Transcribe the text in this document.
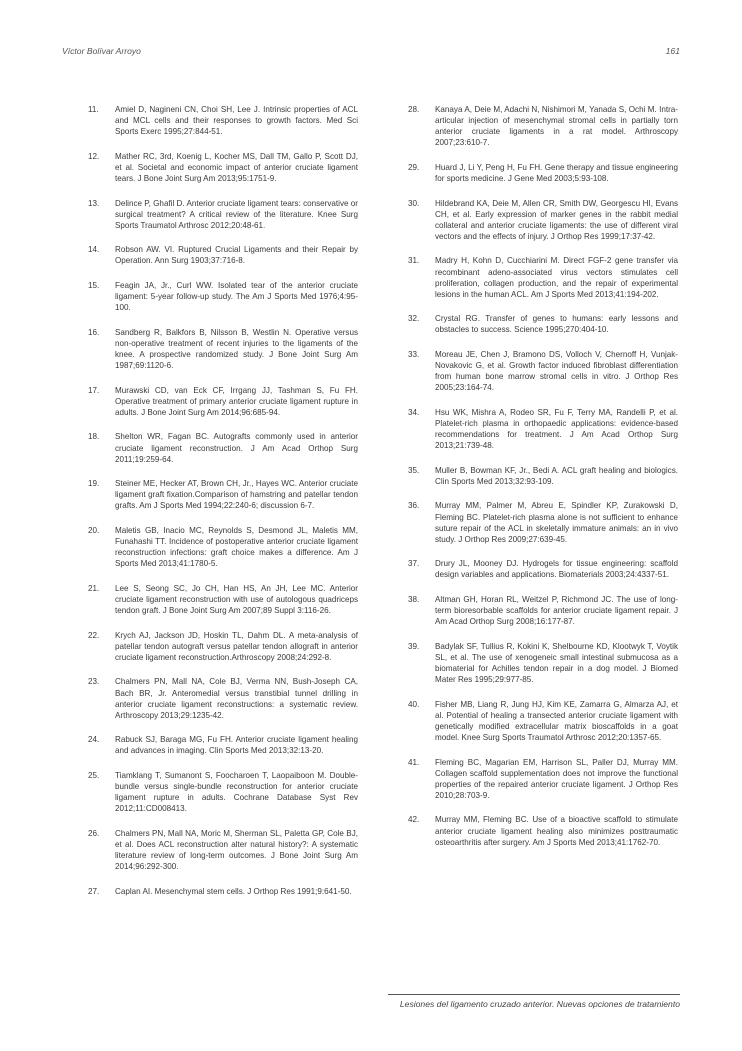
Víctor Bolívar Arroyo	161
11.	Amiel D, Nagineni CN, Choi SH, Lee J. Intrinsic properties of ACL and MCL cells and their responses to growth factors. Med Sci Sports Exerc 1995;27:844-51.
12.	Mather RC, 3rd, Koenig L, Kocher MS, Dall TM, Gallo P, Scott DJ, et al. Societal and economic impact of anterior cruciate ligament tears. J Bone Joint Surg Am 2013;95:1751-9.
13.	Delince P, Ghafil D. Anterior cruciate ligament tears: conservative or surgical treatment? A critical review of the literature. Knee Surg Sports Traumatol Arthrosc 2012;20:48-61.
14.	Robson AW. VI. Ruptured Crucial Ligaments and their Repair by Operation. Ann Surg 1903;37:716-8.
15.	Feagin JA, Jr., Curl WW. Isolated tear of the anterior cruciate ligament: 5-year follow-up study. The Am J Sports Med 1976;4:95-100.
16.	Sandberg R, Balkfors B, Nilsson B, Westlin N. Operative versus non-operative treatment of recent injuries to the ligaments of the knee. A prospective randomized study. J Bone Joint Surg Am 1987;69:1120-6.
17.	Murawski CD, van Eck CF, Irrgang JJ, Tashman S, Fu FH. Operative treatment of primary anterior cruciate ligament rupture in adults. J Bone Joint Surg Am 2014;96:685-94.
18.	Shelton WR, Fagan BC. Autografts commonly used in anterior cruciate ligament reconstruction. J Am Acad Orthop Surg 2011;19:259-64.
19.	Steiner ME, Hecker AT, Brown CH, Jr., Hayes WC. Anterior cruciate ligament graft fixation.Comparison of hamstring and patellar tendon grafts. Am J Sports Med 1994;22:240-6; discussion 6-7.
20.	Maletis GB, Inacio MC, Reynolds S, Desmond JL, Maletis MM, Funahashi TT. Incidence of postoperative anterior cruciate ligament reconstruction infections: graft choice makes a difference. Am J Sports Med 2013;41:1780-5.
21.	Lee S, Seong SC, Jo CH, Han HS, An JH, Lee MC. Anterior cruciate ligament reconstruction with use of autologous quadriceps tendon graft. J Bone Joint Surg Am 2007;89 Suppl 3:116-26.
22.	Krych AJ, Jackson JD, Hoskin TL, Dahm DL. A meta-analysis of patellar tendon autograft versus patellar tendon allograft in anterior cruciate ligament reconstruction.Arthroscopy 2008;24:292-8.
23.	Chalmers PN, Mall NA, Cole BJ, Verma NN, Bush-Joseph CA, Bach BR, Jr. Anteromedial versus transtibial tunnel drilling in anterior cruciate ligament reconstructions: a systematic review. Arthroscopy 2013;29:1235-42.
24.	Rabuck SJ, Baraga MG, Fu FH. Anterior cruciate ligament healing and advances in imaging. Clin Sports Med 2013;32:13-20.
25.	Tiamklang T, Sumanont S, Foocharoen T, Laopaiboon M. Double-bundle versus single-bundle reconstruction for anterior cruciate ligament rupture in adults. Cochrane Database Syst Rev 2012;11:CD008413.
26.	Chalmers PN, Mall NA, Moric M, Sherman SL, Paletta GP, Cole BJ, et al. Does ACL reconstruction alter natural history?: A systematic literature review of long-term outcomes. J Bone Joint Surg Am 2014;96:292-300.
27.	Caplan AI. Mesenchymal stem cells. J Orthop Res 1991;9:641-50.
28.	Kanaya A, Deie M, Adachi N, Nishimori M, Yanada S, Ochi M. Intra-articular injection of mesenchymal stromal cells in partially torn anterior cruciate ligaments in a rat model. Arthroscopy 2007;23:610-7.
29.	Huard J, Li Y, Peng H, Fu FH. Gene therapy and tissue engineering for sports medicine. J Gene Med 2003;5:93-108.
30.	Hildebrand KA, Deie M, Allen CR, Smith DW, Georgescu HI, Evans CH, et al. Early expression of marker genes in the rabbit medial collateral and anterior cruciate ligaments: the use of different viral vectors and the effects of injury. J Orthop Res 1999;17:37-42.
31.	Madry H, Kohn D, Cucchiarini M. Direct FGF-2 gene transfer via recombinant adeno-associated virus vectors stimulates cell proliferation, collagen production, and the repair of experimental lesions in the human ACL. Am J Sports Med 2013;41:194-202.
32.	Crystal RG. Transfer of genes to humans: early lessons and obstacles to success. Science 1995;270:404-10.
33.	Moreau JE, Chen J, Bramono DS, Volloch V, Chernoff H, Vunjak-Novakovic G, et al. Growth factor induced fibroblast differentiation from human bone marrow stromal cells in vitro. J Orthop Res 2005;23:164-74.
34.	Hsu WK, Mishra A, Rodeo SR, Fu F, Terry MA, Randelli P, et al. Platelet-rich plasma in orthopaedic applications: evidence-based recommendations for treatment. J Am Acad Orthop Surg 2013;21:739-48.
35.	Muller B, Bowman KF, Jr., Bedi A. ACL graft healing and biologics. Clin Sports Med 2013;32:93-109.
36.	Murray MM, Palmer M, Abreu E, Spindler KP, Zurakowski D, Fleming BC. Platelet-rich plasma alone is not sufficient to enhance suture repair of the ACL in skeletally immature animals: an in vivo study. J Orthop Res 2009;27:639-45.
37.	Drury JL, Mooney DJ. Hydrogels for tissue engineering: scaffold design variables and applications. Biomaterials 2003;24:4337-51.
38.	Altman GH, Horan RL, Weitzel P, Richmond JC. The use of long-term bioresorbable scaffolds for anterior cruciate ligament repair. J Am Acad Orthop Surg 2008;16:177-87.
39.	Badylak SF, Tullius R, Kokini K, Shelbourne KD, Klootwyk T, Voytik SL, et al. The use of xenogeneic small intestinal submucosa as a biomaterial for Achilles tendon repair in a dog model. J Biomed Mater Res 1995;29:977-85.
40.	Fisher MB, Liang R, Jung HJ, Kim KE, Zamarra G, Almarza AJ, et al. Potential of healing a transected anterior cruciate ligament with genetically modified extracellular matrix bioscaffolds in a goat model. Knee Surg Sports Traumatol Arthrosc 2012;20:1357-65.
41.	Fleming BC, Magarian EM, Harrison SL, Paller DJ, Murray MM. Collagen scaffold supplementation does not improve the functional properties of the repaired anterior cruciate ligament. J Orthop Res 2010;28:703-9.
42.	Murray MM, Fleming BC. Use of a bioactive scaffold to stimulate anterior cruciate ligament healing also minimizes posttraumatic osteoarthritis after surgery. Am J Sports Med 2013;41:1762-70.
Lesiones del ligamento cruzado anterior. Nuevas opciones de tratamiento
